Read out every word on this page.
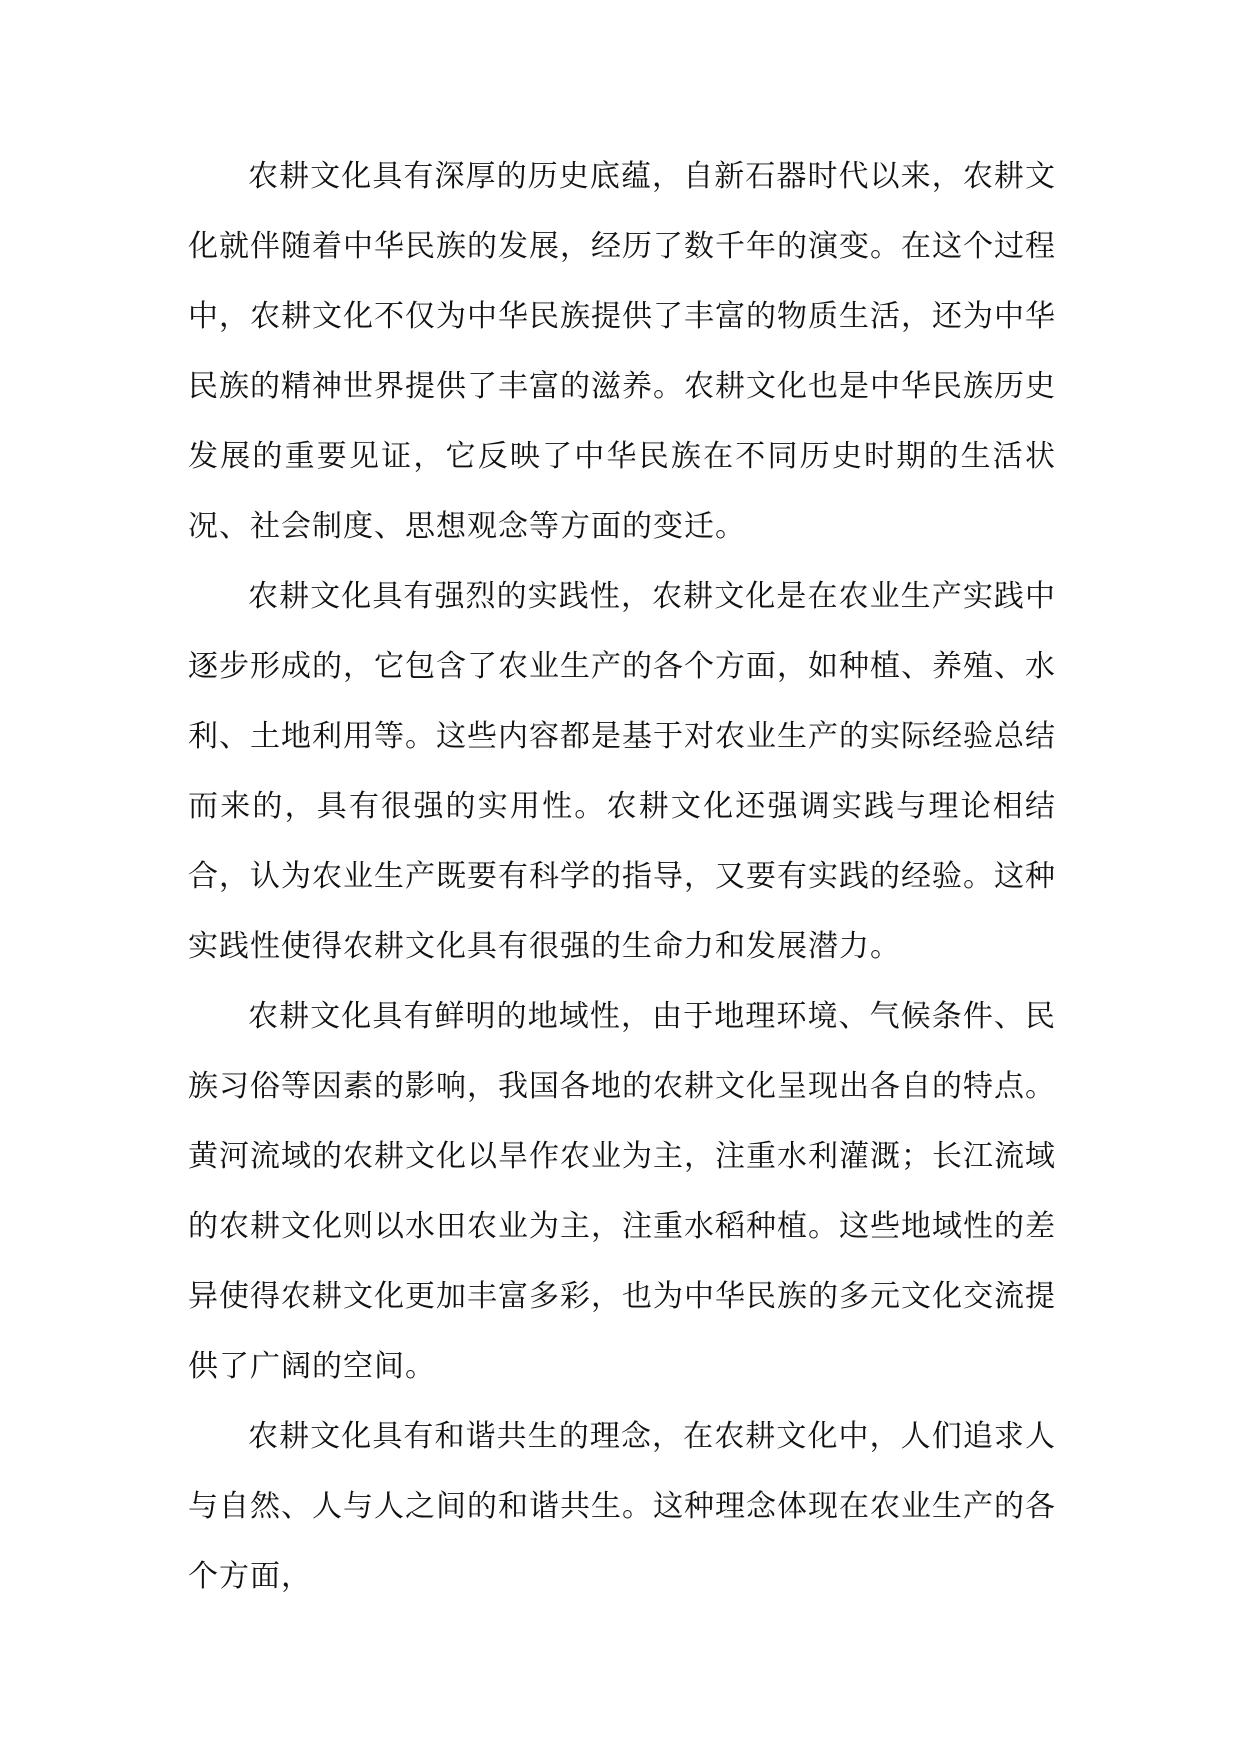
农耕文化具有深厚的历史底蕴，自新石器时代以来，农耕文化就伴随着中华民族的发展，经历了数千年的演变。在这个过程中，农耕文化不仅为中华民族提供了丰富的物质生活，还为中华民族的精神世界提供了丰富的滋养。农耕文化也是中华民族历史发展的重要见证，它反映了中华民族在不同历史时期的生活状况、社会制度、思想观念等方面的变迁。

农耕文化具有强烈的实践性，农耕文化是在农业生产实践中逐步形成的，它包含了农业生产的各个方面，如种植、养殖、水利、土地利用等。这些内容都是基于对农业生产的实际经验总结而来的，具有很强的实用性。农耕文化还强调实践与理论相结合，认为农业生产既要有科学的指导，又要有实践的经验。这种实践性使得农耕文化具有很强的生命力和发展潜力。

农耕文化具有鲜明的地域性，由于地理环境、气候条件、民族习俗等因素的影响，我国各地的农耕文化呈现出各自的特点。黄河流域的农耕文化以旱作农业为主，注重水利灌溉；长江流域的农耕文化则以水田农业为主，注重水稻种植。这些地域性的差异使得农耕文化更加丰富多彩，也为中华民族的多元文化交流提供了广阔的空间。

农耕文化具有和谐共生的理念，在农耕文化中，人们追求人与自然、人与人之间的和谐共生。这种理念体现在农业生产的各个方面，
